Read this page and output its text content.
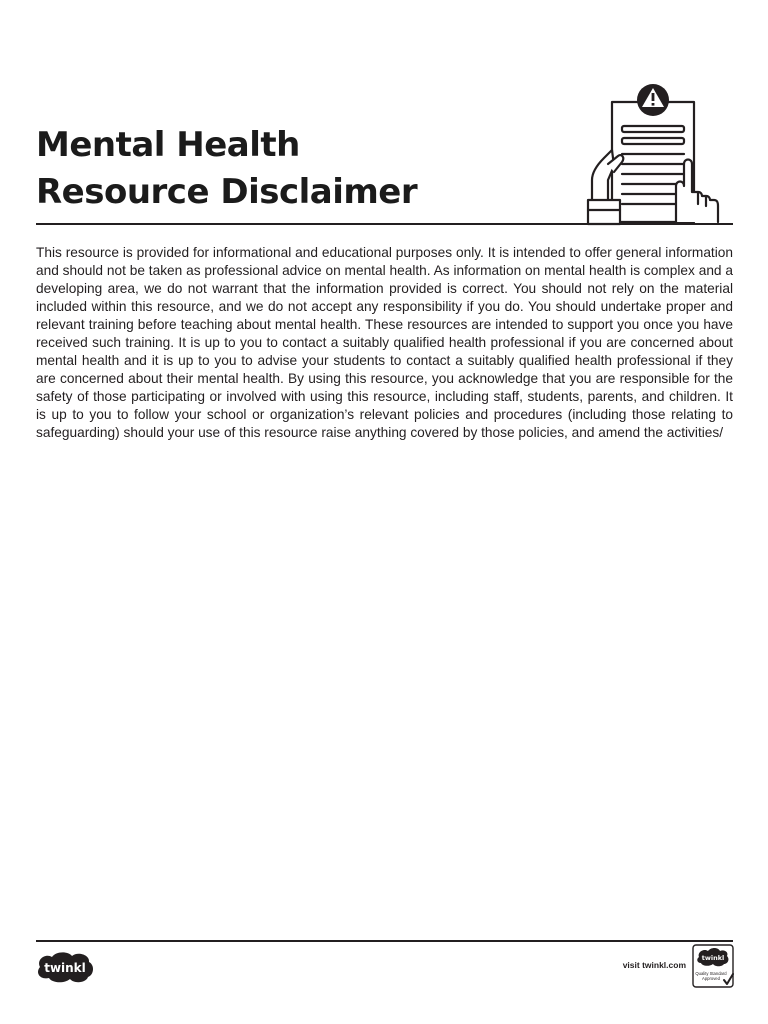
Mental Health
Resource Disclaimer

This resource is provided for informational and educational purposes only. It is intended to offer general information and should not be taken as professional advice on mental health. As information on mental health is complex and a developing area, we do not warrant that the information provided is correct. You should not rely on the material included within this resource, and we do not accept any responsibility if you do. You should undertake proper and relevant training before teaching about mental health. These resources are intended to support you once you have received such training. It is up to you to contact a suitably qualified health professional if you are concerned about mental health and it is up to you to advise your students to contact a suitably qualified health professional if they are concerned about their mental health. By using this resource, you acknowledge that you are responsible for the safety of those participating or involved with using this resource, including staff, students, parents, and children. It is up to you to follow your school or organization’s relevant policies and procedures (including those relating to safeguarding) should your use of this resource raise anything covered by those policies, and amend the activities/

twinkl	visit twinkl.com
twinkl
Quality Standard
Approved
